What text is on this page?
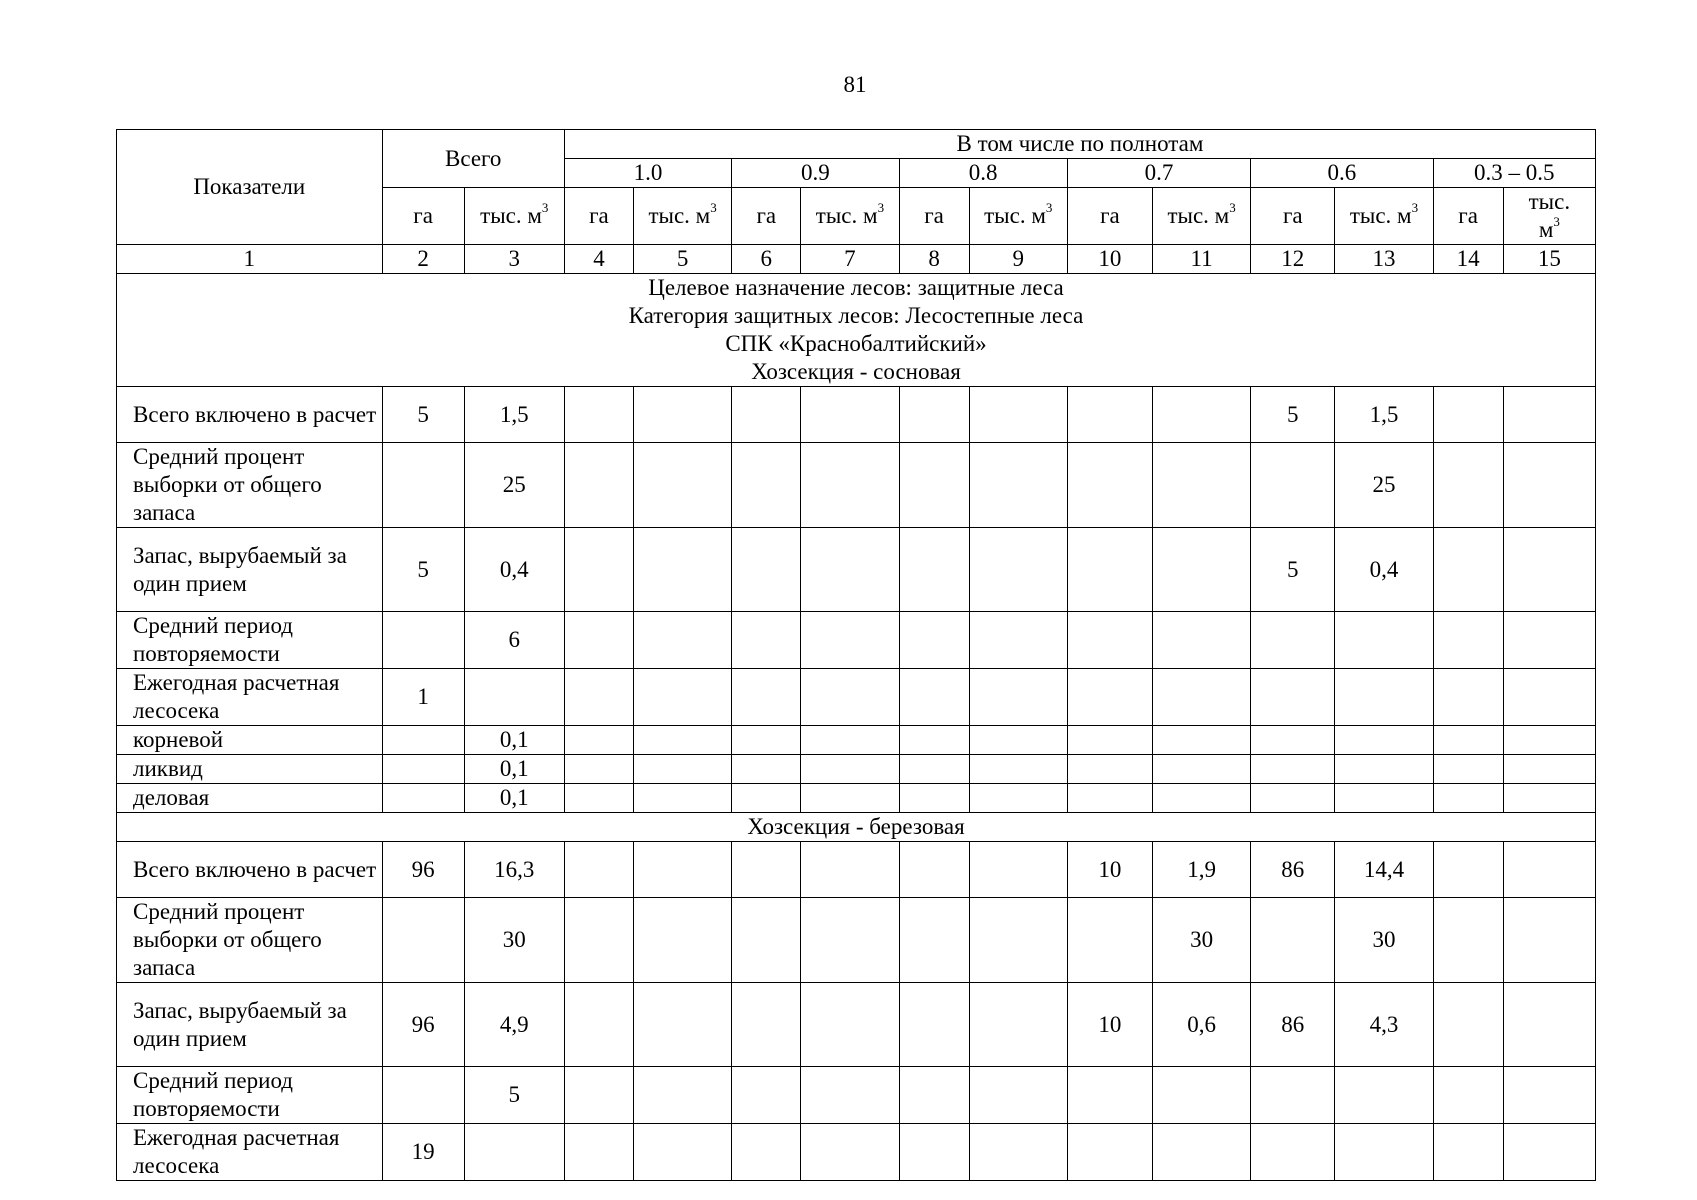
81
Показатели	Всего		В том числе по полнотам											
			1.0		0.9		0.8		0.7		0.6		0.3 – 0.5	
	га	тыс. $м^3$	га	тыс. $м^3$	га	тыс. $м^3$	га	тыс. $м^3$	га	тыс. $м^3$	га	тыс. $м^3$	га	тыс.
$м^3$
1	2	3	4	5	6	7	8	9	10	11	12	13	14	15

Целевое назначение лесов: защитные леса
Категория защитных лесов: Лесостепные леса
СПК «Краснобалтийский»
Хозсекция - сосновая														

Всего включено в расчет	5	1,5									5	1,5		
Средний процент выборки от общего запаса		25										25		
Запас, вырубаемый за один прием	5	0,4									5	0,4		
Средний период повторяемости		6												
Ежегодная расчетная лесосека	1													
корневой		0,1												
ликвид		0,1												
деловая		0,1												

Хозсекция - березовая														

Всего включено в расчет	96	16,3							10	1,9	86	14,4		
Средний процент выборки от общего запаса		30								30		30		
Запас, вырубаемый за один прием	96	4,9							10	0,6	86	4,3		
Средний период повторяемости		5												
Ежегодная расчетная лесосека	19													
